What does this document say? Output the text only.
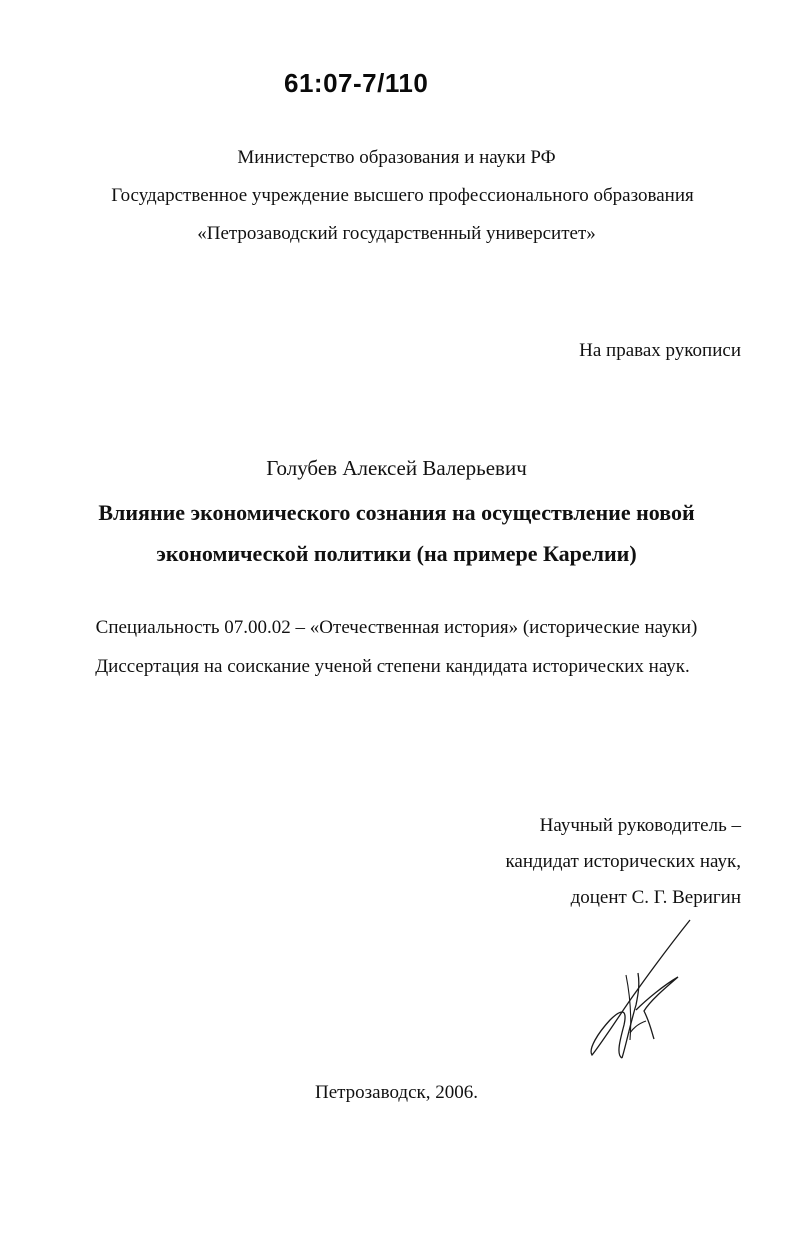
61:07-7/110
Министерство образования и науки РФ
Государственное учреждение высшего профессионального образования
«Петрозаводский государственный университет»
На правах рукописи
Голубев Алексей Валерьевич
Влияние экономического сознания на осуществление новой
экономической политики (на примере Карелии)
Специальность 07.00.02 – «Отечественная история» (исторические науки)
Диссертация на соискание ученой степени кандидата исторических наук.
Научный руководитель –
кандидат исторических наук,
доцент С. Г. Веригин
Петрозаводск, 2006.
